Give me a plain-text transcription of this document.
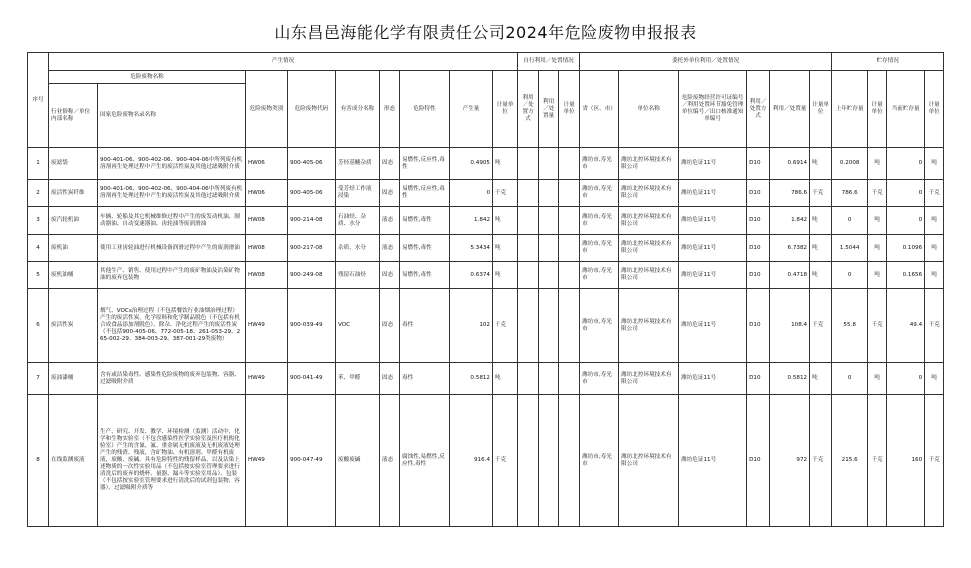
山东昌邑海能化学有限责任公司2024年危险废物申报报表
序号	产生情况									自行利用／处置情况			委托外单位利用／处置情况						贮存情况			
	危险废物名称		危险废物类别	危险废物代码	有害成分名称	形态	危险特性	产生量	计量单位	利用／处置方式	利用／处置量	计量单位	省（区、市）	单位名称	危险废物经营许可证编号／利用处置环节豁免管理单位编号／出口核准通知单编号	利用／处置方式	利用／处置量	计量单位	上年贮存量	计量单位	当前贮存量	计量单位
	行业俗称／单位内部名称	国家危险废物名录名称																				
1	废滤袋	900-401-06、900-402-06、900-404-06中所列废有机溶剂再生处理过程中产生的废活性炭及其他过滤吸附介质	HW06	900-405-06	芳烃基醚杂质	固态	易燃性,反应性,毒性	0.4905	吨				潍坊市,寿光市	潍坊北控环境技术有限公司	潍坊危证11号	D10	0.6914	吨	0.2008	吨	0	吨
2	废活性炭纤维	900-401-06、900-402-06、900-404-06中所列废有机溶剂再生处理过程中产生的废活性炭及其他过滤吸附介质	HW06	900-405-06	受芳烃工作液浸染	固态	易燃性,反应性,毒性	0	千克				潍坊市,寿光市	潍坊北控环境技术有限公司	潍坊危证11号	D10	786.6	千克	786.6	千克	0	千克
3	废汽轮机油	车辆、轮船及其它机械维修过程中产生的废发动机油、制动器油、自动变速器油、齿轮油等废润滑油	HW08	900-214-08	石油烃、杂质、水分	液态	易燃性,毒性	1.842	吨				潍坊市,寿光市	潍坊北控环境技术有限公司	潍坊危证11号	D10	1.842	吨	0	吨	0	吨
4	废机油	使用工业齿轮油进行机械设备润滑过程中产生的废润滑油	HW08	900-217-08	杂质、水分	液态	易燃性,毒性	5.3434	吨				潍坊市,寿光市	潍坊北控环境技术有限公司	潍坊危证11号	D10	6.7382	吨	1.5044	吨	0.1096	吨
5	废机油桶	其他生产、销售、使用过程中产生的废矿物油及沾染矿物油的废弃包装物	HW08	900-249-08	残留石油烃	固态	易燃性,毒性	0.6374	吨				潍坊市,寿光市	潍坊北控环境技术有限公司	潍坊危证11号	D10	0.4718	吨	0	吨	0.1656	吨
6	废活性炭	烟气、VOCs治理过程（不包括餐饮行业油烟治理过程）产生的废活性炭，化学原料和化学制品脱色（不包括有机合成食品添加剂脱色）、除杂、净化过程产生的废活性炭（不包括900-405-06、772-005-18、261-053-29、265-002-29、384-003-29、387-001-29类废物）	HW49	900-039-49	VOC	固态	毒性	102	千克				潍坊市,寿光市	潍坊北控环境技术有限公司	潍坊危证11号	D10	108.4	千克	55.8	千克	49.4	千克
7	废油漆桶	含有或沾染毒性、感染性危险废物的废弃包装物、容器、过滤吸附介质	HW49	900-041-49	苯、甲醛	固态	毒性	0.5812	吨				潍坊市,寿光市	潍坊北控环境技术有限公司	潍坊危证11号	D10	0.5812	吨	0	吨	0	吨
8	在线监测废液	生产、研究、开发、教学、环境检测（监测）活动中，化学和生物实验室（不包含感染性医学实验室及医疗机构化验室）产生的含氰、氟、重金属无机废液及无机废液处理产生的残渣、残液，含矿物油、有机溶剂、甲醛有机废液，废酸、废碱，具有危险特性的残留样品，以及沾染上述物质的一次性实验用品（不包括按实验室管理要求进行清洗后的废弃的烧杯、量器、漏斗等实验室用品）、包装（不包括按实验室管理要求进行清洗后的试剂包装物、容器）、过滤吸附介质等	HW49	900-047-49	废酸废碱	液态	腐蚀性,易燃性,反应性,毒性	916.4	千克				潍坊市,寿光市	潍坊北控环境技术有限公司	潍坊危证11号	D10	972	千克	215.6	千克	160	千克
